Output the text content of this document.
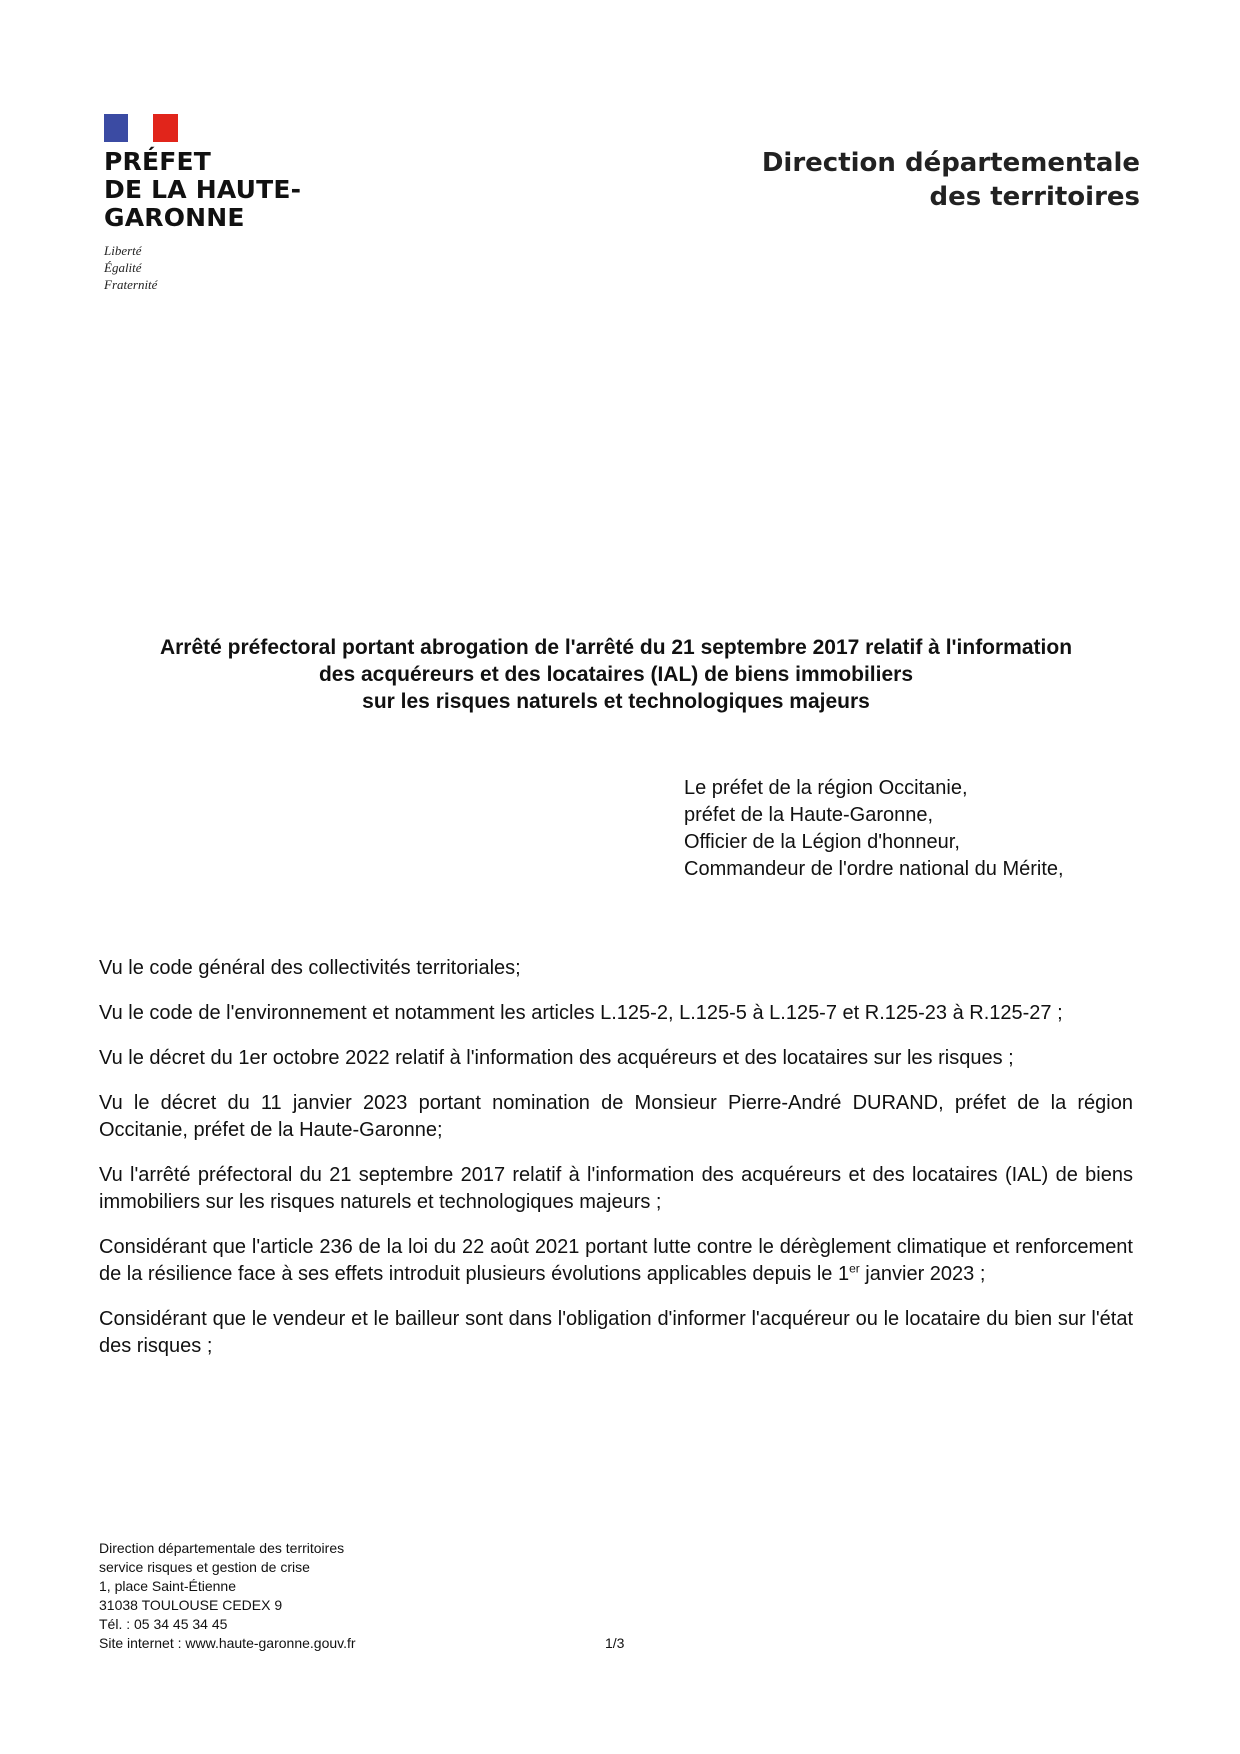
PRÉFET
DE LA HAUTE-
GARONNE
Liberté
Égalité
Fraternité
Direction départementale
des territoires
Arrêté préfectoral portant abrogation de l'arrêté du 21 septembre 2017 relatif à l'information
des acquéreurs et des locataires (IAL) de biens immobiliers
sur les risques naturels et technologiques majeurs
Le préfet de la région Occitanie,
préfet de la Haute-Garonne,
Officier de la Légion d'honneur,
Commandeur de l'ordre national du Mérite,

Vu le code général des collectivités territoriales;

Vu le code de l'environnement et notamment les articles L.125-2, L.125-5 à L.125-7 et R.125-23 à R.125-27 ;

Vu le décret du 1er octobre 2022 relatif à l'information des acquéreurs et des locataires sur les risques ;

Vu le décret du 11 janvier 2023 portant nomination de Monsieur Pierre-André DURAND, préfet de la région Occitanie, préfet de la Haute-Garonne;

Vu l'arrêté préfectoral du 21 septembre 2017 relatif à l'information des acquéreurs et des locataires (IAL) de biens immobiliers sur les risques naturels et technologiques majeurs ;

Considérant que l'article 236 de la loi du 22 août 2021 portant lutte contre le dérèglement climatique et renforcement de la résilience face à ses effets introduit plusieurs évolutions applicables depuis le 1er janvier 2023 ;

Considérant que le vendeur et le bailleur sont dans l'obligation d'informer l'acquéreur ou le locataire du bien sur l'état des risques ;

Direction départementale des territoires
service risques et gestion de crise
1, place Saint-Étienne
31038 TOULOUSE CEDEX 9
Tél. : 05 34 45 34 45
Site internet : www.haute-garonne.gouv.fr	1/3
